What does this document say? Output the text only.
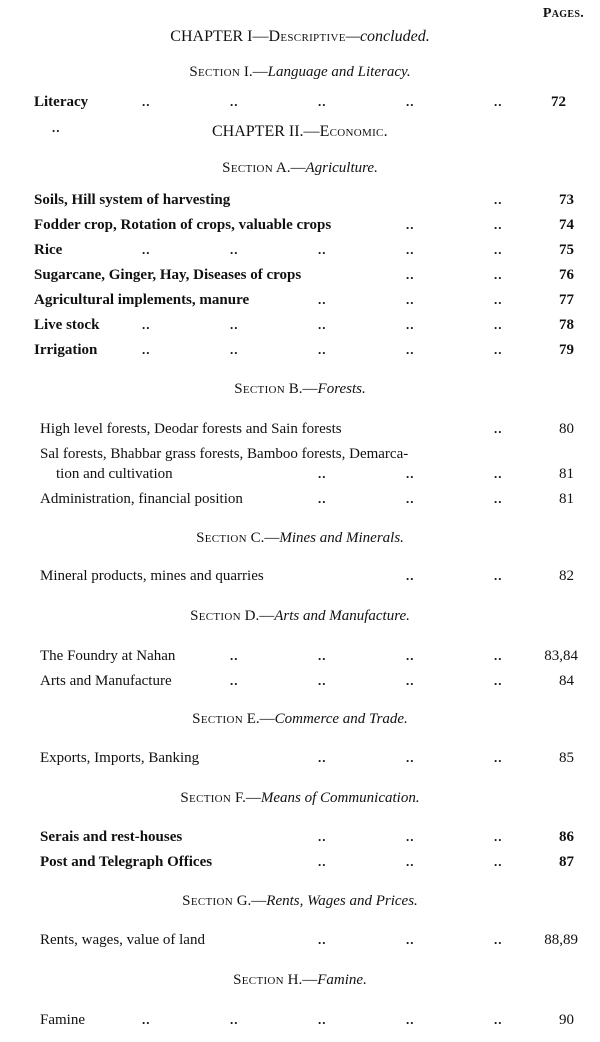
Pages.
CHAPTER I—Descriptive—concluded.
Section I.—Language and Literacy.
Literacy	..	..	..	..	..	72
..	CHAPTER II.—Economic.
Section A.—Agriculture.
Soils, Hill system of harvesting	..	73
Fodder crop, Rotation of crops, valuable crops	..	..	74
Rice	..	..	..	..	..	75
Sugarcane, Ginger, Hay, Diseases of crops	..	..	76
Agricultural implements, manure	..	..	..	77
Live stock	..	..	..	..	..	78
Irrigation	..	..	..	..	..	79
Section B.—Forests.
High level forests, Deodar forests and Sain forests	..	80
Sal forests, Bhabbar grass forests, Bamboo forests, Demarca-
tion and cultivation	..	..	..	81
Administration, financial position	..	..	..	81
Section C.—Mines and Minerals.
Mineral products, mines and quarries	..	..	82
Section D.—Arts and Manufacture.
The Foundry at Nahan	..	..	..	..	83,84
Arts and Manufacture	..	..	..	..	84
Section E.—Commerce and Trade.
Exports, Imports, Banking	..	..	..	85
Section F.—Means of Communication.
Serais and rest-houses	..	..	..	86
Post and Telegraph Offices	..	..	..	87
Section G.—Rents, Wages and Prices.
Rents, wages, value of land	..	..	..	88,89
Section H.—Famine.
Famine	..	..	..	..	..	90
